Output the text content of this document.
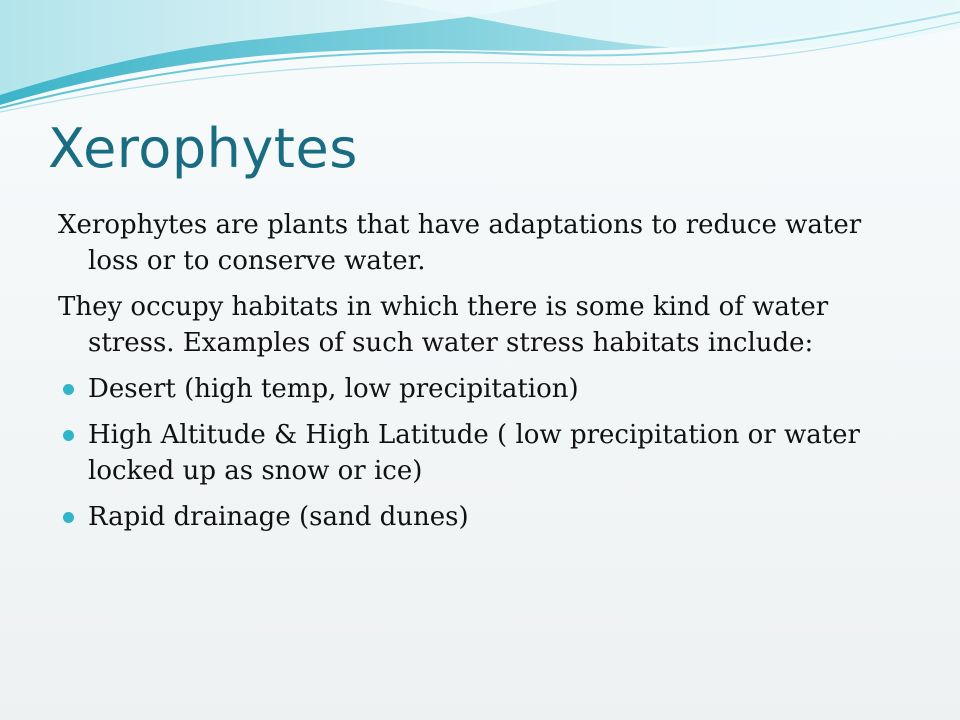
Xerophytes
Xerophytes are plants that have adaptations to reduce water loss or to conserve water.
They occupy habitats in which there is some kind of water stress. Examples of such water stress habitats include:
Desert (high temp, low precipitation)
High Altitude & High Latitude ( low precipitation or water locked up as snow or ice)
Rapid drainage (sand dunes)
